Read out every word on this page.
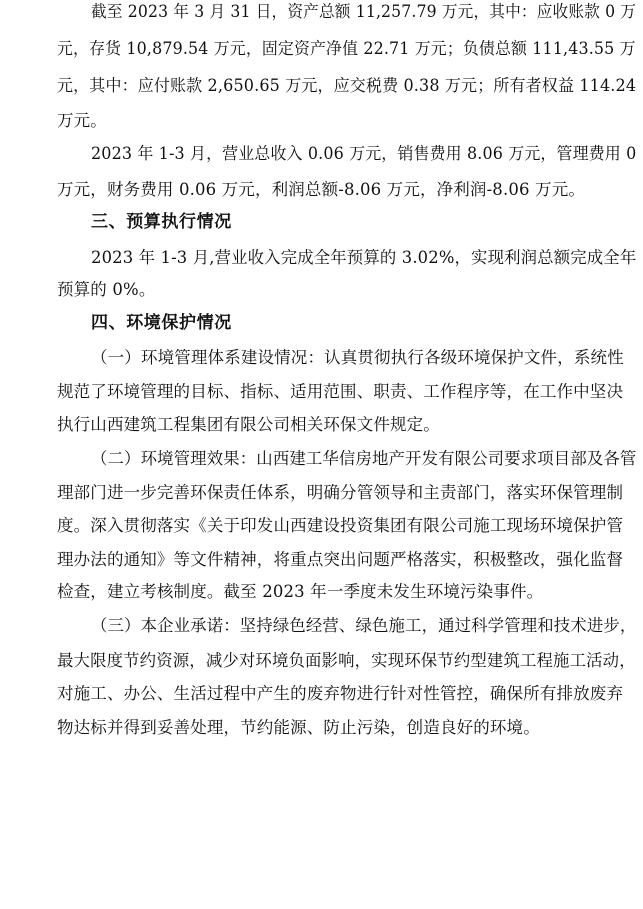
截至 2023 年 3 月 31 日，资产总额 11,257.79 万元，其中：应收账款 0 万
元，存货 10,879.54 万元，固定资产净值 22.71 万元；负债总额 111,43.55 万
元，其中：应付账款 2,650.65 万元，应交税费 0.38 万元；所有者权益 114.24
万元。
2023 年 1-3 月，营业总收入 0.06 万元，销售费用 8.06 万元，管理费用 0
万元，财务费用 0.06 万元，利润总额-8.06 万元，净利润-8.06 万元。
三、预算执行情况
2023 年 1-3 月,营业收入完成全年预算的 3.02%，实现利润总额完成全年
预算的 0%。
四、环境保护情况
（一）环境管理体系建设情况：认真贯彻执行各级环境保护文件，系统性
规范了环境管理的目标、指标、适用范围、职责、工作程序等，在工作中坚决
执行山西建筑工程集团有限公司相关环保文件规定。
（二）环境管理效果：山西建工华信房地产开发有限公司要求项目部及各管
理部门进一步完善环保责任体系，明确分管领导和主责部门，落实环保管理制
度。深入贯彻落实《关于印发山西建设投资集团有限公司施工现场环境保护管
理办法的通知》等文件精神，将重点突出问题严格落实，积极整改，强化监督
检查，建立考核制度。截至 2023 年一季度未发生环境污染事件。
（三）本企业承诺：坚持绿色经营、绿色施工，通过科学管理和技术进步，
最大限度节约资源，减少对环境负面影响，实现环保节约型建筑工程施工活动，
对施工、办公、生活过程中产生的废弃物进行针对性管控，确保所有排放废弃
物达标并得到妥善处理，节约能源、防止污染，创造良好的环境。
